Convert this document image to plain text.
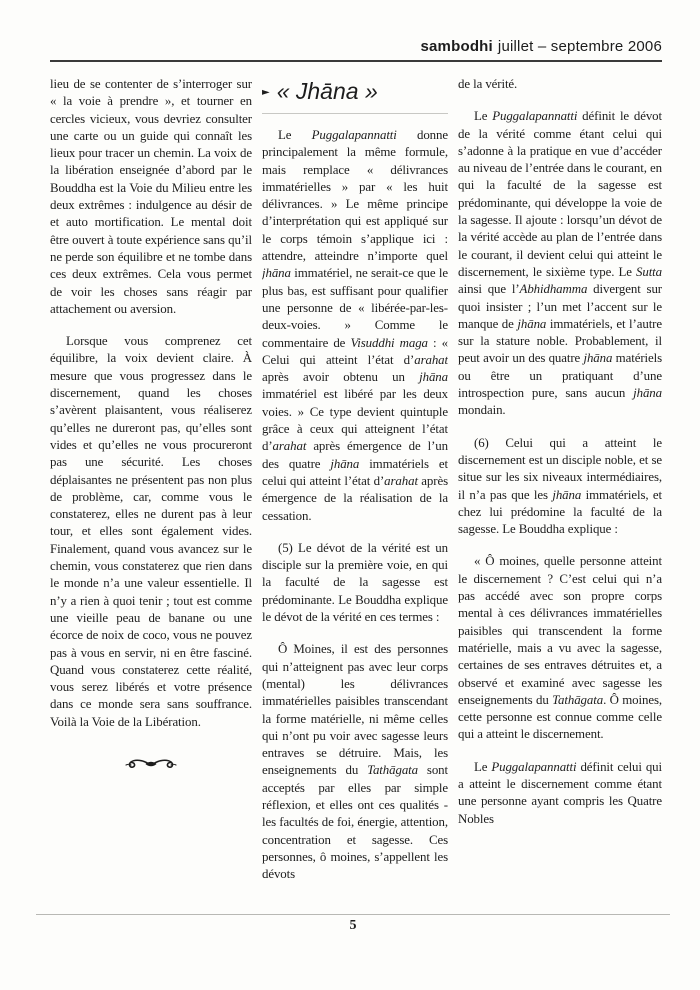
sambodhi juillet – septembre 2006

lieu de se contenter de s’interroger sur « la voie à prendre », et tourner en cercles vicieux, vous devriez consulter une carte ou un guide qui connaît les lieux pour tracer un chemin. La voix de la libération enseignée d’abord par le Bouddha est la Voie du Milieu entre les deux extrêmes : indulgence au désir de et auto mortification. Le mental doit être ouvert à toute expérience sans qu’il ne perde son équilibre et ne tombe dans ces deux extrêmes. Cela vous permet de voir les choses sans réagir par attachement ou aversion.

Lorsque vous comprenez cet équilibre, la voix devient claire. À mesure que vous progressez dans le discernement, quand les choses s’avèrent plaisantent, vous réaliserez qu’elles ne dureront pas, qu’elles sont vides et qu’elles ne vous procureront pas une sécurité. Les choses déplaisantes ne présentent pas non plus de problème, car, comme vous le constaterez, elles ne durent pas à leur tour, et elles sont également vides. Finalement, quand vous avancez sur le chemin, vous constaterez que rien dans le monde n’a une valeur essentielle. Il n’y a rien à quoi tenir ; tout est comme une vieille peau de banane ou une écorce de noix de coco, vous ne pouvez pas à vous en servir, ni en être fasciné. Quand vous constaterez cette réalité, vous serez libérés et votre présence dans ce monde sera sans souffrance. Voilà la Voie de la Libération.

► « Jhāna »

Le Puggalapannatti donne principalement la même formule, mais remplace « délivrances immatérielles » par « les huit délivrances. » Le même principe d’interprétation qui est appliqué sur le corps témoin s’applique ici : attendre, atteindre n’importe quel jhāna immatériel, ne serait-ce que le plus bas, est suffisant pour qualifier une personne de « libérée-par-les-deux-voies. » Comme le commentaire de Visuddhi maga : « Celui qui atteint l’état d’arahat après avoir obtenu un jhāna immatériel est libéré par les deux voies. » Ce type devient quintuple grâce à ceux qui atteignent l’état d’arahat après émergence de l’un des quatre jhāna immatériels et celui qui atteint l’état d’arahat après émergence de la réalisation de la cessation.

(5) Le dévot de la vérité est un disciple sur la première voie, en qui la faculté de la sagesse est prédominante. Le Bouddha explique le dévot de la vérité en ces termes :

Ô Moines, il est des personnes qui n’atteignent pas avec leur corps (mental) les délivrances immatérielles paisibles transcendant la forme matérielle, ni même celles qui n’ont pu voir avec sagesse leurs entraves se détruire. Mais, les enseignements du Tathāgata sont acceptés par elles par simple réflexion, et elles ont ces qualités - les facultés de foi, énergie, attention, concentration et sagesse. Ces personnes, ô moines, s’appellent les dévots

de la vérité.

Le Puggalapannatti définit le dévot de la vérité comme étant celui qui s’adonne à la pratique en vue d’accéder au niveau de l’entrée dans le courant, en qui la faculté de la sagesse est prédominante, qui développe la voie de la sagesse. Il ajoute : lorsqu’un dévot de la vérité accède au plan de l’entrée dans le courant, il devient celui qui atteint le discernement, le sixième type. Le Sutta ainsi que l’Abhidhamma divergent sur quoi insister ; l’un met l’accent sur le manque de jhāna immatériels, et l’autre sur la stature noble. Probablement, il peut avoir un des quatre jhāna matériels ou être un pratiquant d’une introspection pure, sans aucun jhāna mondain.

(6) Celui qui a atteint le discernement est un disciple noble, et se situe sur les six niveaux intermédiaires, il n’a pas que les jhāna immatériels, et chez lui prédomine la faculté de la sagesse. Le Bouddha explique :

« Ô moines, quelle personne atteint le discernement ? C’est celui qui n’a pas accédé avec son propre corps mental à ces délivrances immatérielles paisibles qui transcendent la forme matérielle, mais a vu avec la sagesse, certaines de ses entraves détruites et, a observé et examiné avec sagesse les enseignements du Tathāgata. Ô moines, cette personne est connue comme celle qui a atteint le discernement.

Le Puggalapannatti définit celui qui a atteint le discernement comme étant une personne ayant compris les Quatre Nobles

5
